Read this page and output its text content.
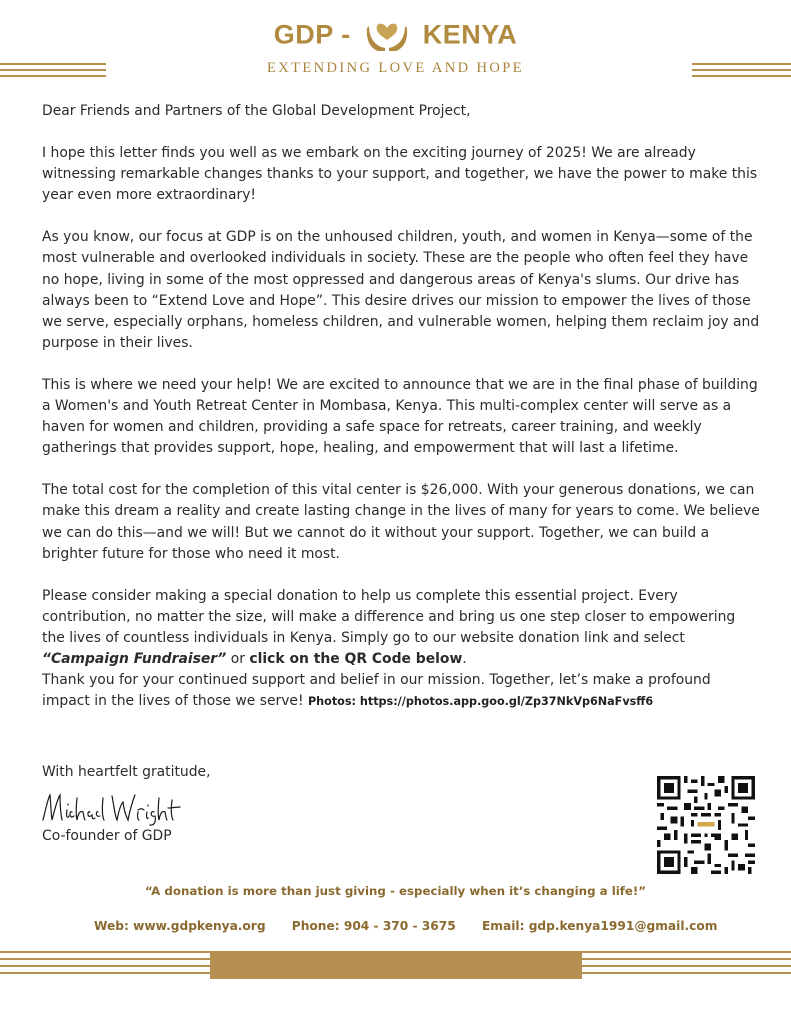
GDP -	KENYA
EXTENDING LOVE AND HOPE

Dear Friends and Partners of the Global Development Project,

I hope this letter finds you well as we embark on the exciting journey of 2025! We are already witnessing remarkable changes thanks to your support, and together, we have the power to make this year even more extraordinary!

As you know, our focus at GDP is on the unhoused children, youth, and women in Kenya—some of the most vulnerable and overlooked individuals in society. These are the people who often feel they have no hope, living in some of the most oppressed and dangerous areas of Kenya's slums. Our drive has always been to “Extend Love and Hope”. This desire drives our mission to empower the lives of those we serve, especially orphans, homeless children, and vulnerable women, helping them reclaim joy and purpose in their lives.

This is where we need your help! We are excited to announce that we are in the final phase of building a Women's and Youth Retreat Center in Mombasa, Kenya. This multi-complex center will serve as a haven for women and children, providing a safe space for retreats, career training, and weekly gatherings that provides support, hope, healing, and empowerment that will last a lifetime.

The total cost for the completion of this vital center is $26,000. With your generous donations, we can make this dream a reality and create lasting change in the lives of many for years to come. We believe we can do this—and we will! But we cannot do it without your support. Together, we can build a brighter future for those who need it most.

Please consider making a special donation to help us complete this essential project. Every contribution, no matter the size, will make a difference and bring us one step closer to empowering the lives of countless individuals in Kenya. Simply go to our website donation link and select “Campaign Fundraiser” or click on the QR Code below.

Thank you for your continued support and belief in our mission. Together, let’s make a profound impact in the lives of those we serve! Photos: https://photos.app.goo.gl/Zp37NkVp6NaFvsff6

With heartfelt gratitude,
Co-founder of GDP
“A donation is more than just giving - especially when it’s changing a life!”
Web: www.gdpkenya.org Phone: 904 - 370 - 3675 Email: gdp.kenya1991@gmail.com
